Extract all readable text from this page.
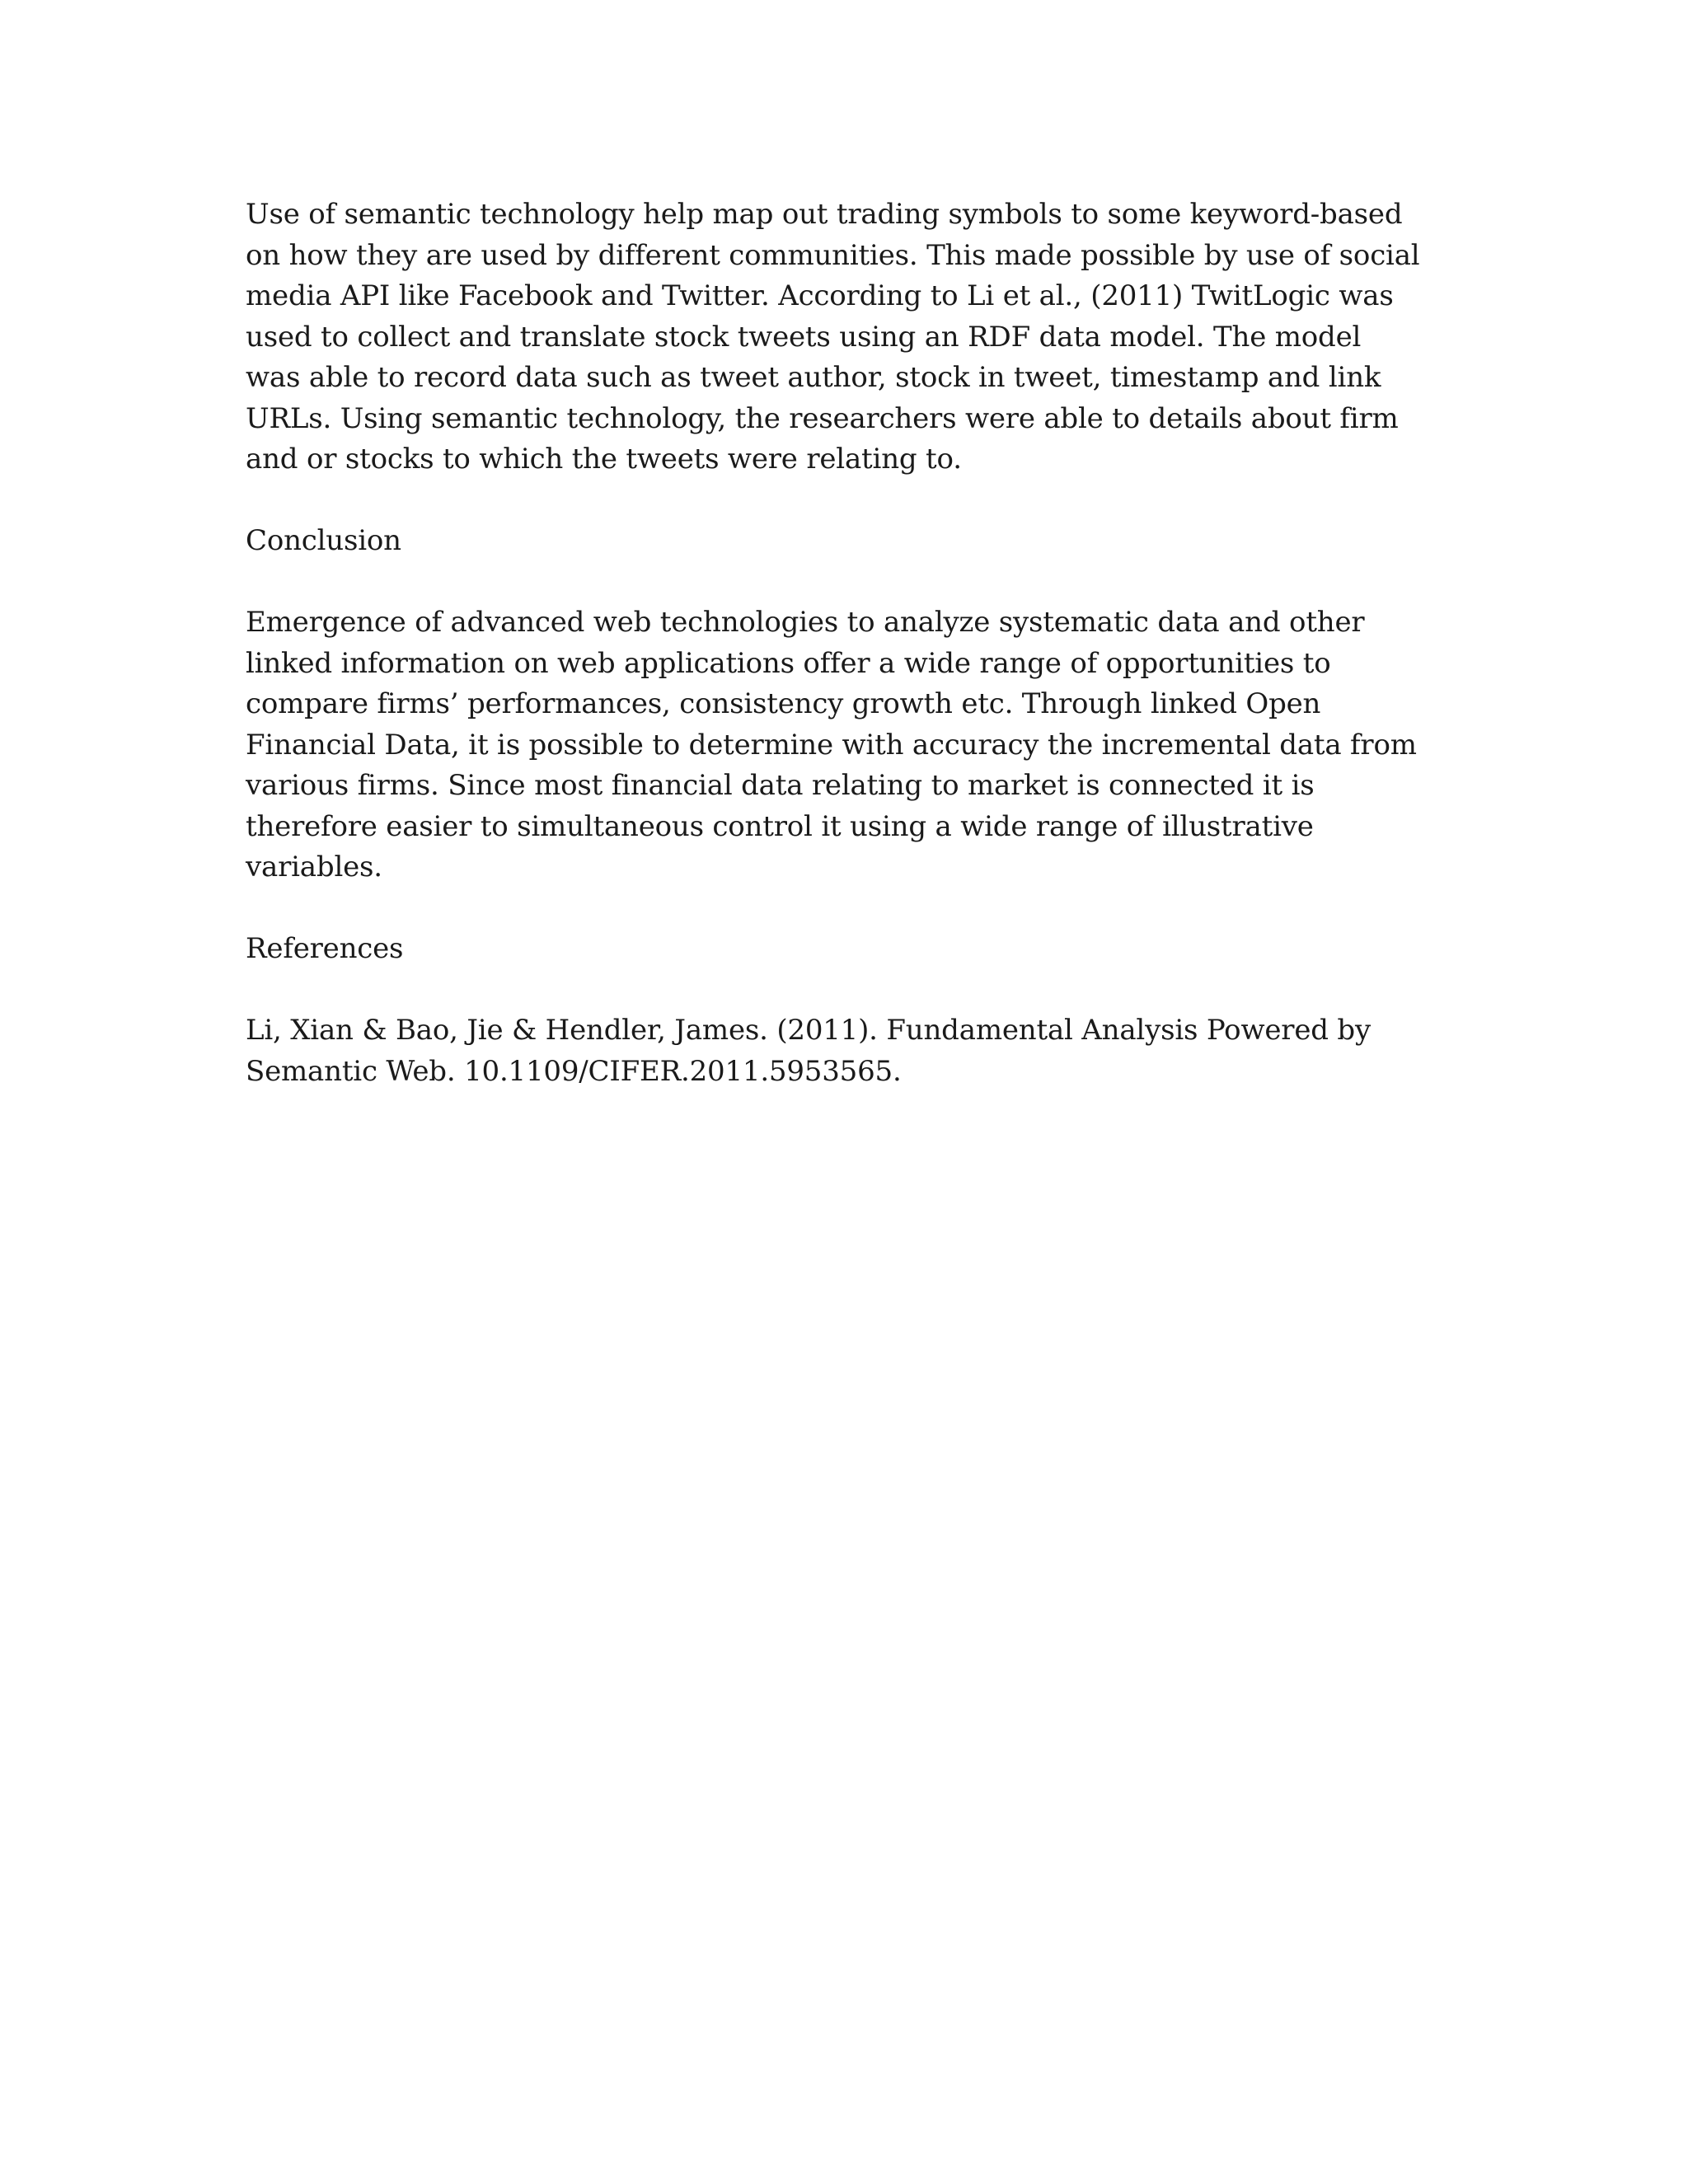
Use of semantic technology help map out trading symbols to some keyword-based on how they are used by different communities. This made possible by use of social media API like Facebook and Twitter. According to Li et al., (2011) TwitLogic was used to collect and translate stock tweets using an RDF data model. The model was able to record data such as tweet author, stock in tweet, timestamp and link URLs. Using semantic technology, the researchers were able to details about firm and or stocks to which the tweets were relating to.

Conclusion

Emergence of advanced web technologies to analyze systematic data and other linked information on web applications offer a wide range of opportunities to compare firms’ performances, consistency growth etc. Through linked Open Financial Data, it is possible to determine with accuracy the incremental data from various firms. Since most financial data relating to market is connected it is therefore easier to simultaneous control it using a wide range of illustrative variables.

References

Li, Xian & Bao, Jie & Hendler, James. (2011). Fundamental Analysis Powered by Semantic Web. 10.1109/CIFER.2011.5953565.
